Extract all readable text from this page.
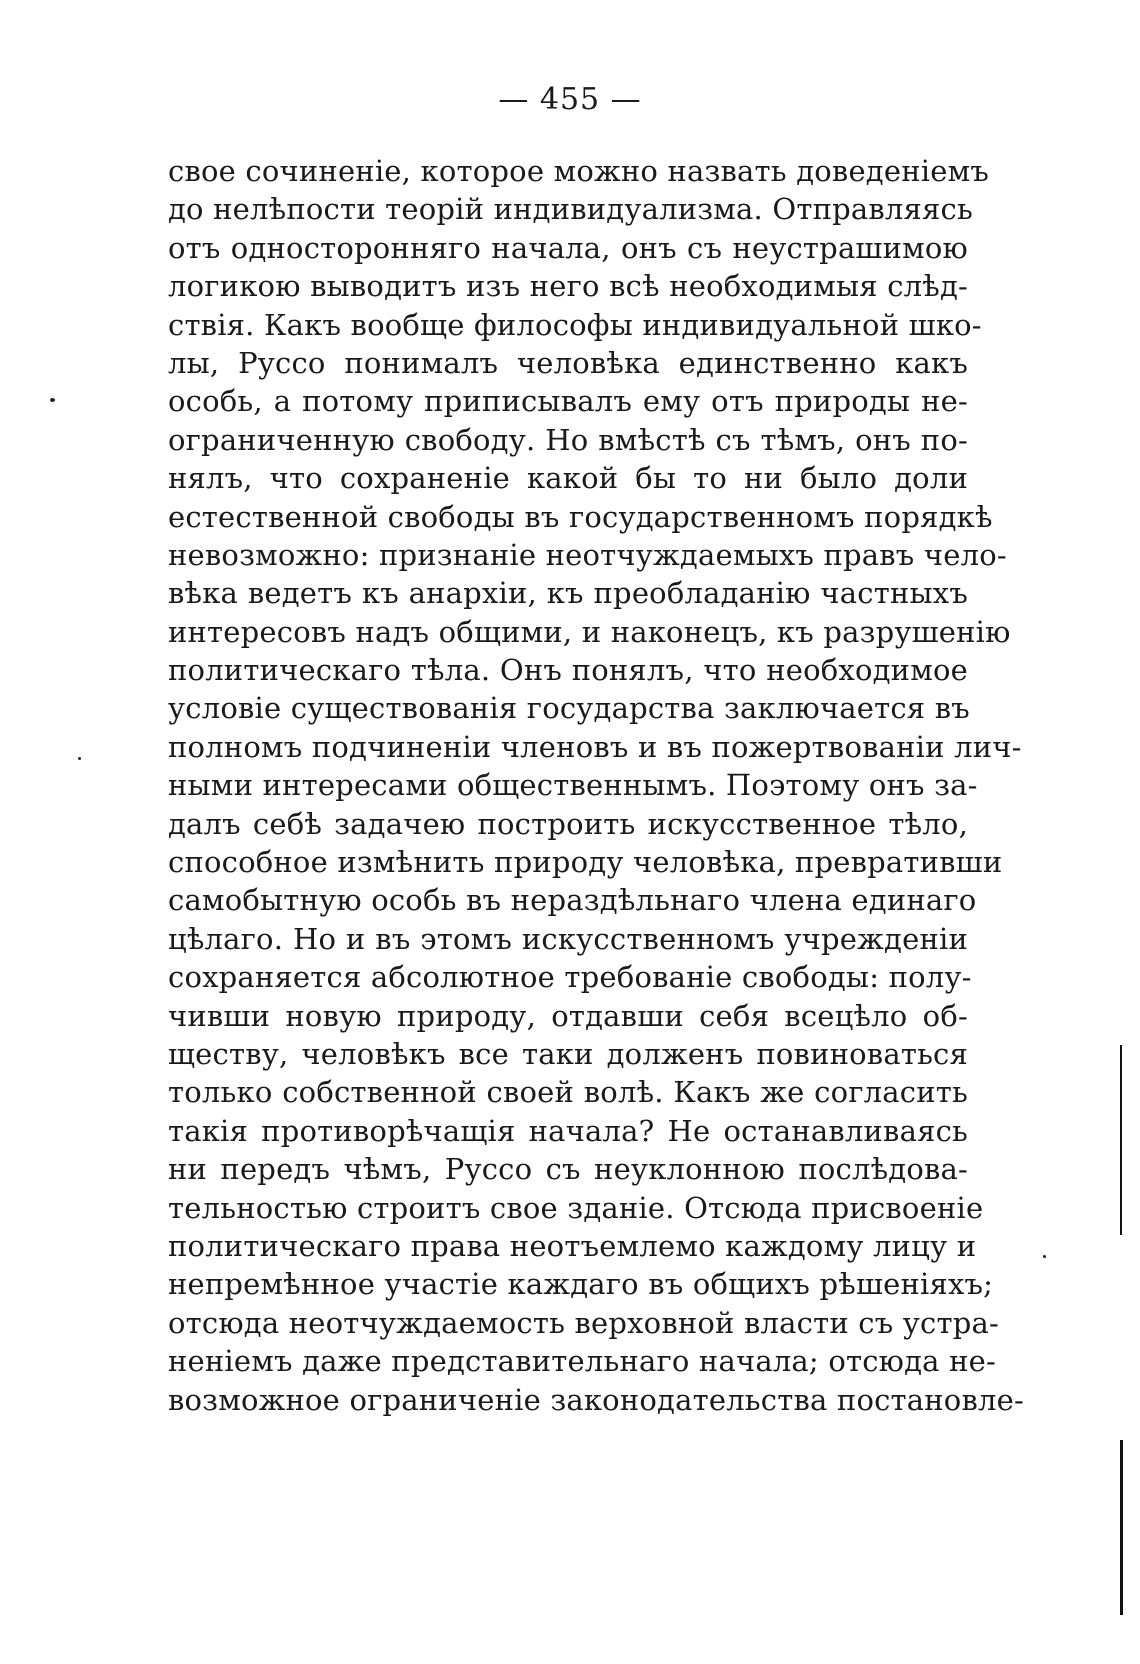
— 455 —
свое сочиненіе, которое можно назвать доведеніемъ
до нелѣпости теорій индивидуализма. Отправляясь
отъ односторонняго начала, онъ съ неустрашимою
логикою выводитъ изъ него всѣ необходимыя слѣд-
ствія. Какъ вообще философы индивидуальной шко-
лы, Руссо понималъ человѣка единственно какъ
особь, а потому приписывалъ ему отъ природы не-
ограниченную свободу. Но вмѣстѣ съ тѣмъ, онъ по-
нялъ, что сохраненіе какой бы то ни было доли
естественной свободы въ государственномъ порядкѣ
невозможно: признаніе неотчуждаемыхъ правъ чело-
вѣка ведетъ къ анархіи, къ преобладанію частныхъ
интересовъ надъ общими, и наконецъ, къ разрушенію
политическаго тѣла. Онъ понялъ, что необходимое
условіе существованія государства заключается въ
полномъ подчиненіи членовъ и въ пожертвованіи лич-
ными интересами общественнымъ. Поэтому онъ за-
далъ себѣ задачею построить искусственное тѣло,
способное измѣнить природу человѣка, превративши
самобытную особь въ нераздѣльнаго члена единаго
цѣлаго. Но и въ этомъ искусственномъ учрежденіи
сохраняется абсолютное требованіе свободы: полу-
чивши новую природу, отдавши себя всецѣло об-
ществу, человѣкъ все таки долженъ повиноваться
только собственной своей волѣ. Какъ же согласить
такія противорѣчащія начала? Не останавливаясь
ни передъ чѣмъ, Руссо съ неуклонною послѣдова-
тельностью строитъ свое зданіе. Отсюда присвоеніе
политическаго права неотъемлемо каждому лицу и
непремѣнное участіе каждаго въ общихъ рѣшеніяхъ;
отсюда неотчуждаемость верховной власти съ устра-
неніемъ даже представительнаго начала; отсюда не-
возможное ограниченіе законодательства постановле-
